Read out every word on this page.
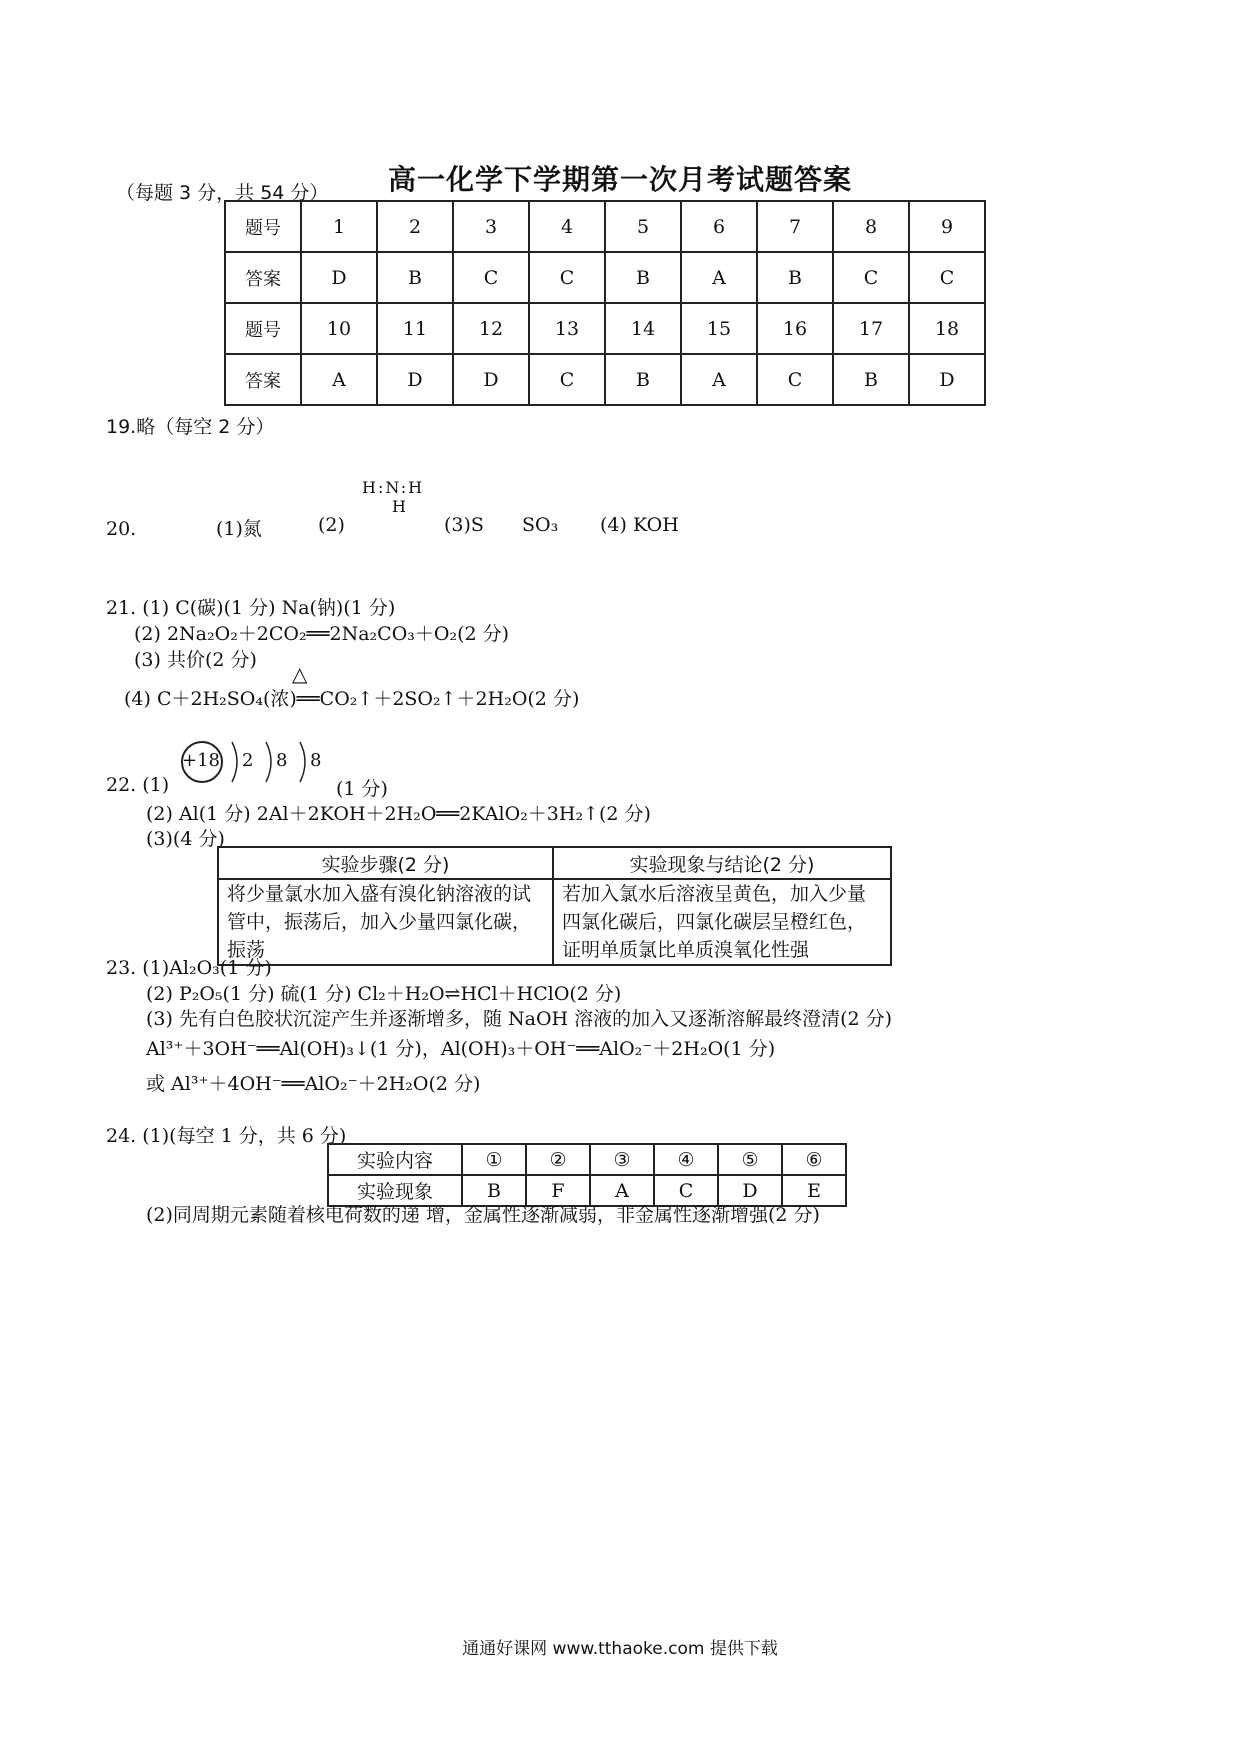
高一化学下学期第一次月考试题答案
（每题 3 分，共 54 分）
题号	1	2	3	4	5	6	7	8	9
答案	D	B	C	C	B	A	B	C	C
题号	10	11	12	13	14	15	16	17	18
答案	A	D	D	C	B	A	C	B	D
19.略（每空 2 分）
20.	(1)氮	(2)
H:N:H
H
(3)S SO₃ (4) KOH
21. (1) C(碳)(1 分) Na(钠)(1 分)
(2) 2Na₂O₂＋2CO₂══2Na₂CO₃＋O₂(2 分)
(3) 共价(2 分)
△
(4) C＋2H₂SO₄(浓)══CO₂↑＋2SO₂↑＋2H₂O(2 分)
22. (1)
+18 2 8 8
(1 分)
(2) Al(1 分) 2Al＋2KOH＋2H₂O══2KAlO₂＋3H₂↑(2 分)
(3)(4 分)
实验步骤(2 分)	实验现象与结论(2 分)
将少量氯水加入盛有溴化钠溶液的试管中，振荡后，加入少量四氯化碳，振荡	若加入氯水后溶液呈黄色，加入少量四氯化碳后，四氯化碳层呈橙红色，证明单质氯比单质溴氧化性强
23. (1)Al₂O₃(1 分)
(2) P₂O₅(1 分) 硫(1 分) Cl₂＋H₂O⇌HCl＋HClO(2 分)
(3) 先有白色胶状沉淀产生并逐渐增多，随 NaOH 溶液的加入又逐渐溶解最终澄清(2 分)
Al³⁺＋3OH⁻══Al(OH)₃↓(1 分)，Al(OH)₃＋OH⁻══AlO₂⁻＋2H₂O(1 分)
或 Al³⁺＋4OH⁻══AlO₂⁻＋2H₂O(2 分)
24. (1)(每空 1 分，共 6 分)
实验内容	①	②	③	④	⑤	⑥
实验现象	B	F	A	C	D	E
(2)同周期元素随着核电荷数的递 增，金属性逐渐减弱，非金属性逐渐增强(2 分)
通通好课网 www.tthaoke.com 提供下载
